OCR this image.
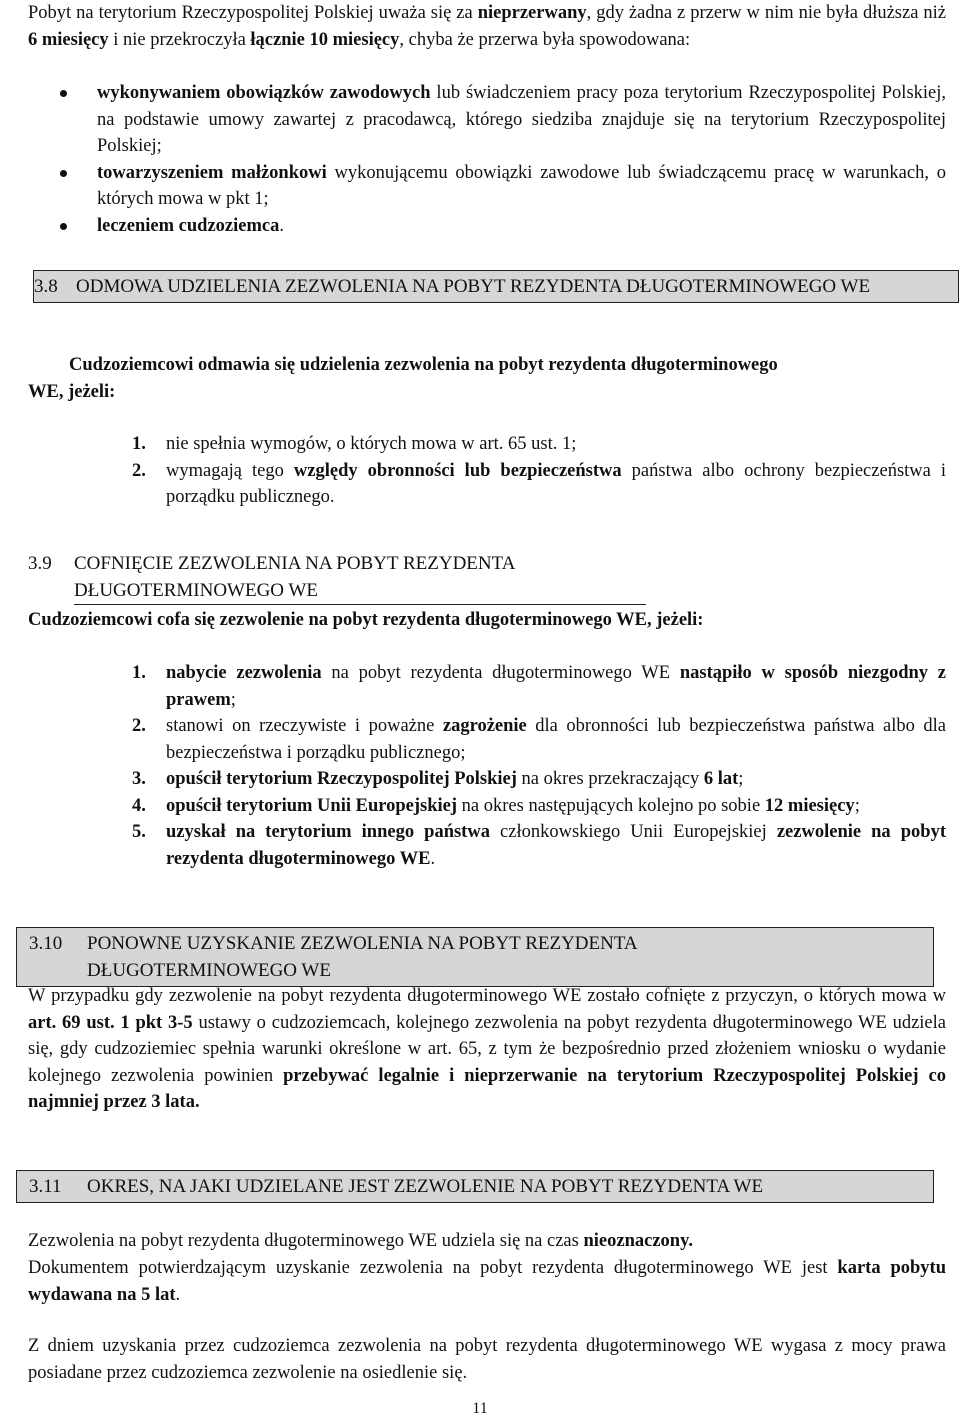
Pobyt na terytorium Rzeczypospolitej Polskiej uważa się za nieprzerwany, gdy żadna z przerw w nim nie była dłuższa niż 6 miesięcy i nie przekroczyła łącznie 10 miesięcy, chyba że przerwa była spowodowana:

wykonywaniem obowiązków zawodowych lub świadczeniem pracy poza terytorium Rzeczypospolitej Polskiej, na podstawie umowy zawartej z pracodawcą, którego siedziba znajduje się na terytorium Rzeczypospolitej Polskiej;
towarzyszeniem małżonkowi wykonującemu obowiązki zawodowe lub świadczącemu pracę w warunkach, o których mowa w pkt 1;
leczeniem cudzoziemca.
3.8 ODMOWA UDZIELENIA ZEZWOLENIA NA POBYT REZYDENTA DŁUGOTERMINOWEGO WE

Cudzoziemcowi odmawia się udzielenia zezwolenia na pobyt rezydenta długoterminowego
WE, jeżeli:

1. nie spełnia wymogów, o których mowa w art. 65 ust. 1;
2. wymagają tego względy obronności lub bezpieczeństwa państwa albo ochrony bezpieczeństwa i porządku publicznego.
3.9 COFNIĘCIE ZEZWOLENIA NA POBYT REZYDENTA DŁUGOTERMINOWEGO WE

Cudzoziemcowi cofa się zezwolenie na pobyt rezydenta długoterminowego WE, jeżeli:

1. nabycie zezwolenia na pobyt rezydenta długoterminowego WE nastąpiło w sposób niezgodny z prawem;
2. stanowi on rzeczywiste i poważne zagrożenie dla obronności lub bezpieczeństwa państwa albo dla bezpieczeństwa i porządku publicznego;
3. opuścił terytorium Rzeczypospolitej Polskiej na okres przekraczający 6 lat;
4. opuścił terytorium Unii Europejskiej na okres następujących kolejno po sobie 12 miesięcy;
5. uzyskał na terytorium innego państwa członkowskiego Unii Europejskiej zezwolenie na pobyt rezydenta długoterminowego WE.
3.10	PONOWNE UZYSKANIE ZEZWOLENIA NA POBYT REZYDENTA DŁUGOTERMINOWEGO WE

W przypadku gdy zezwolenie na pobyt rezydenta długoterminowego WE zostało cofnięte z przyczyn, o których mowa w art. 69 ust. 1 pkt 3-5 ustawy o cudzoziemcach, kolejnego zezwolenia na pobyt rezydenta długoterminowego WE udziela się, gdy cudzoziemiec spełnia warunki określone w art. 65, z tym że bezpośrednio przed złożeniem wniosku o wydanie kolejnego zezwolenia powinien przebywać legalnie i nieprzerwanie na terytorium Rzeczypospolitej Polskiej co najmniej przez 3 lata.

3.11	OKRES, NA JAKI UDZIELANE JEST ZEZWOLENIE NA POBYT REZYDENTA WE

Zezwolenia na pobyt rezydenta długoterminowego WE udziela się na czas nieoznaczony.

Dokumentem potwierdzającym uzyskanie zezwolenia na pobyt rezydenta długoterminowego WE jest karta pobytu wydawana na 5 lat.

Z dniem uzyskania przez cudzoziemca zezwolenia na pobyt rezydenta długoterminowego WE wygasa z mocy prawa posiadane przez cudzoziemca zezwolenie na osiedlenie się.

11
